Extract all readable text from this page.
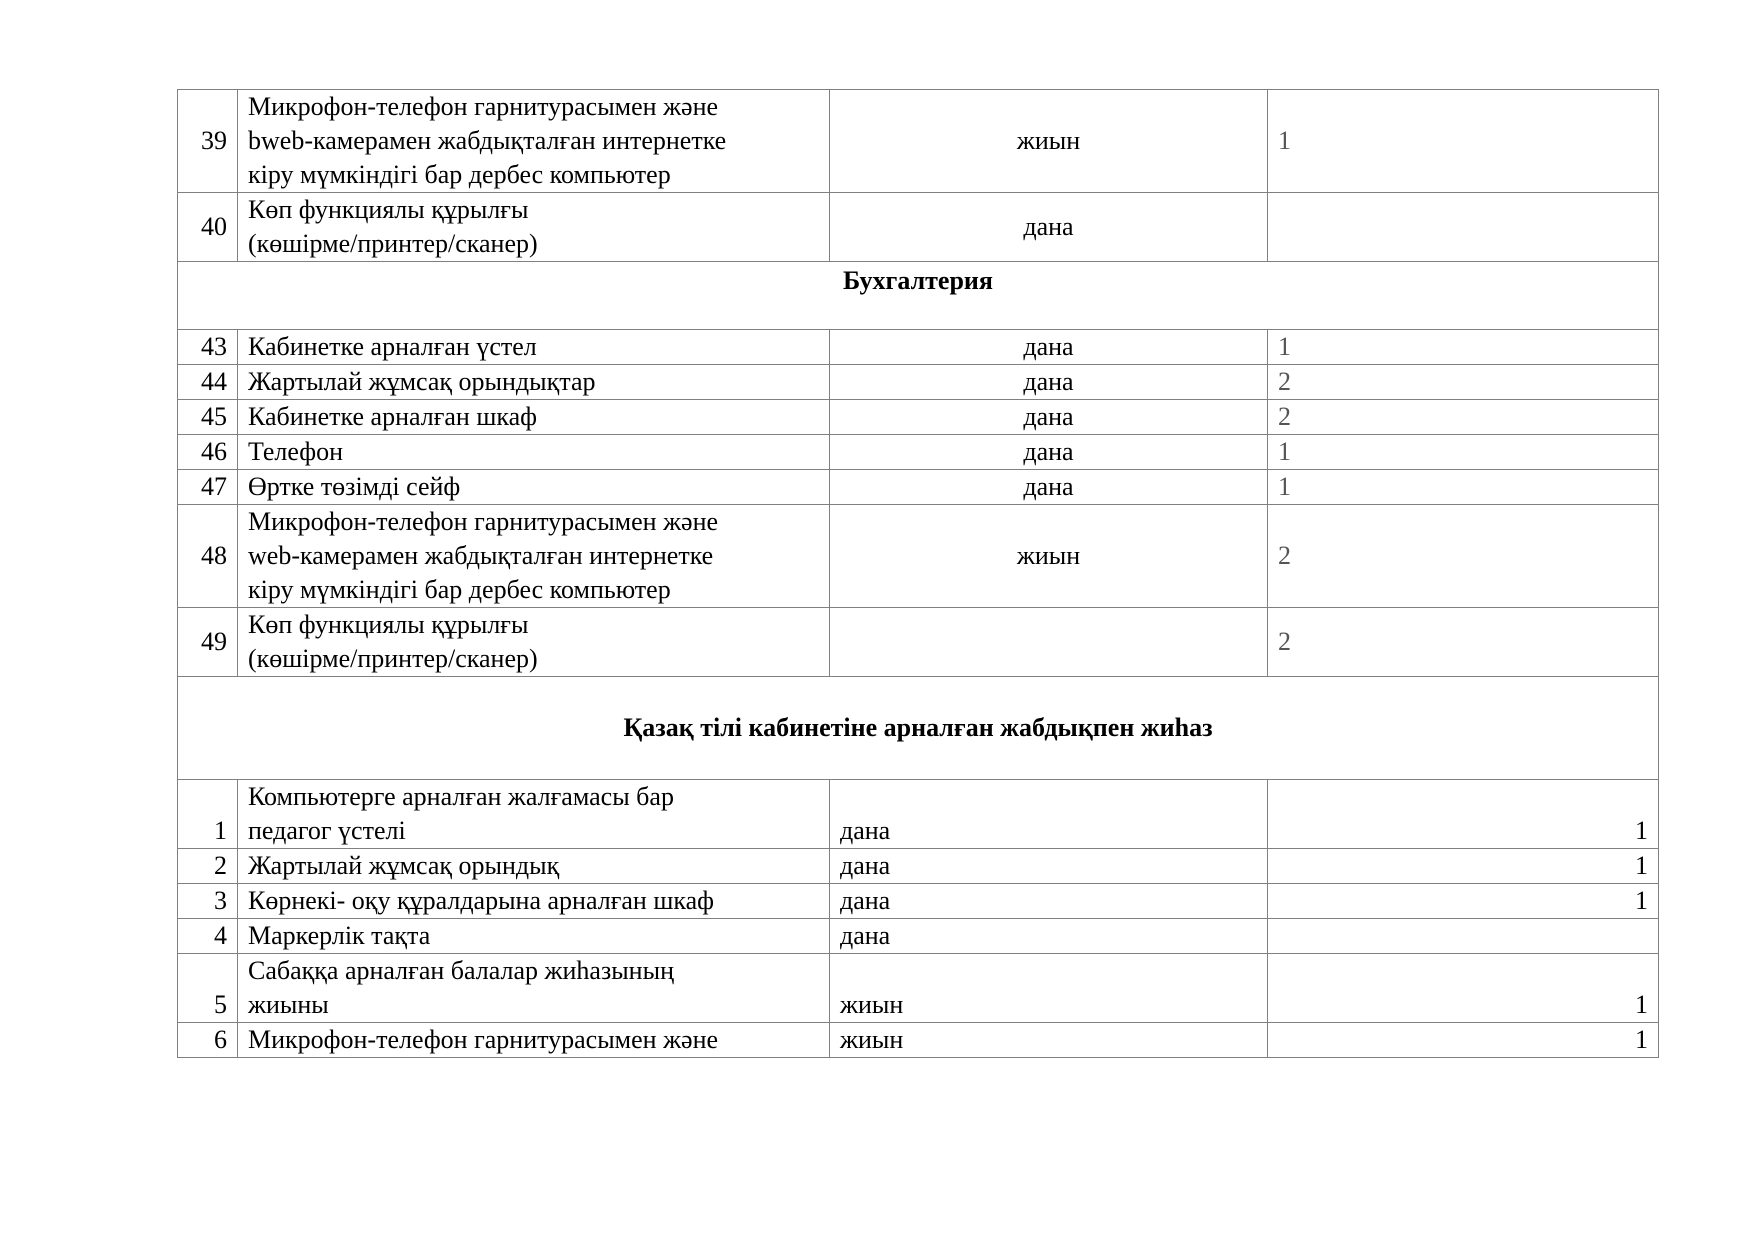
39	Микрофон-телефон гарнитурасымен және
bweb-камерамен жабдықталған интернетке
кіру мүмкіндігі бар дербес компьютер	жиын	1
40	Көп функциялы құрылғы
(көшірме/принтер/сканер)	дана	
Бухгалтерия			
43	Кабинетке арналған үстел	дана	1
44	Жартылай жұмсақ орындықтар	дана	2
45	Кабинетке арналған шкаф	дана	2
46	Телефон	дана	1
47	Өртке төзімді сейф	дана	1
48	Микрофон-телефон гарнитурасымен және
web-камерамен жабдықталған интернетке
кіру мүмкіндігі бар дербес компьютер	жиын	2
49	Көп функциялы құрылғы
(көшірме/принтер/сканер)		2
Қазақ тілі кабинетіне арналған жабдықпен жиһаз			
1	Компьютерге арналған жалғамасы бар
педагог үстелі	дана	1
2	Жартылай жұмсақ орындық	дана	1
3	Көрнекі- оқу құралдарына арналған шкаф	дана	1
4	Маркерлік тақта	дана	
5	Сабаққа арналған балалар жиһазының
жиыны	жиын	1
6	Микрофон-телефон гарнитурасымен және	жиын	1
